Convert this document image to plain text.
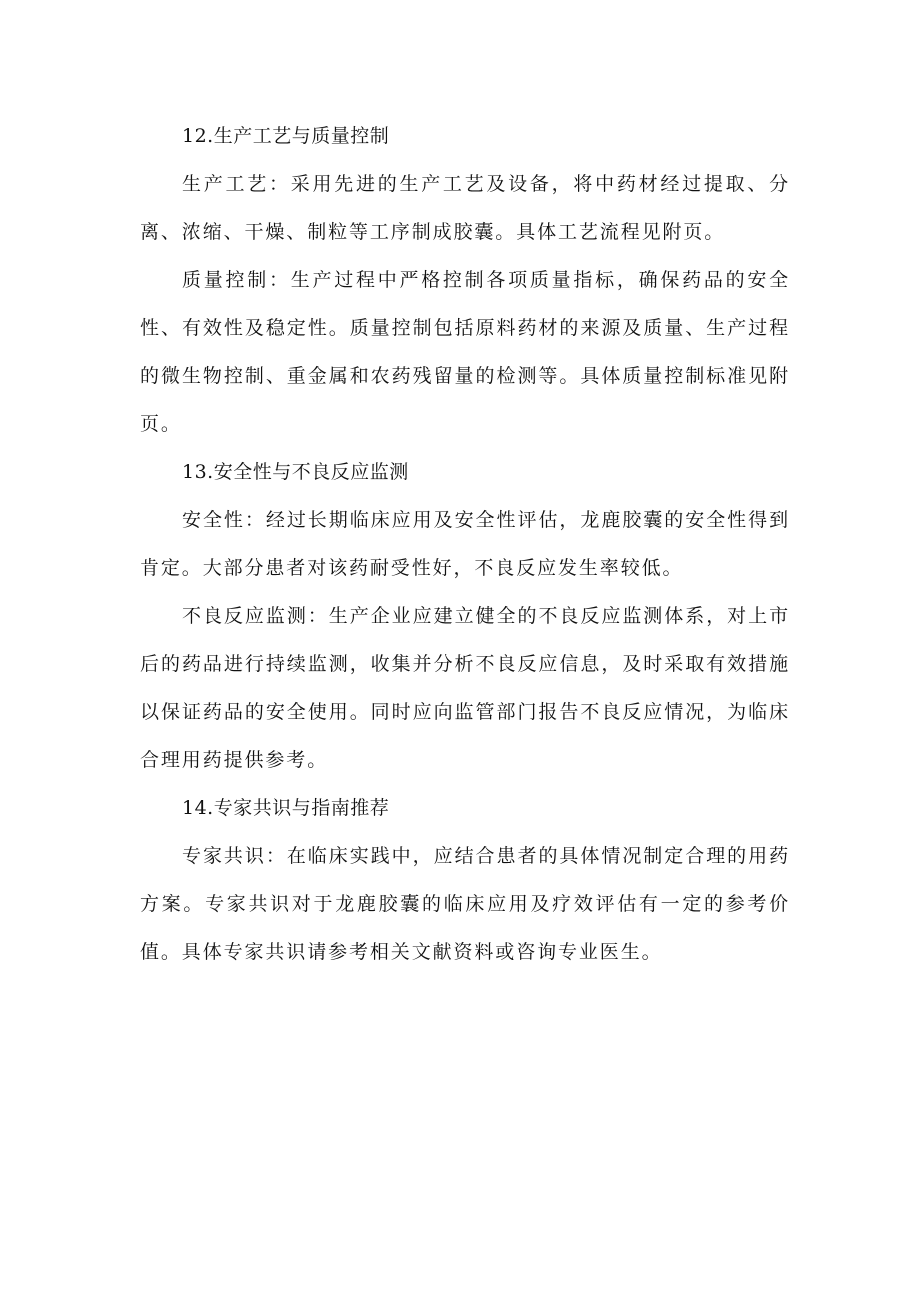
12.生产工艺与质量控制

生产工艺：采用先进的生产工艺及设备，将中药材经过提取、分离、浓缩、干燥、制粒等工序制成胶囊。具体工艺流程见附页。

质量控制：生产过程中严格控制各项质量指标，确保药品的安全性、有效性及稳定性。质量控制包括原料药材的来源及质量、生产过程的微生物控制、重金属和农药残留量的检测等。具体质量控制标准见附页。

13.安全性与不良反应监测

安全性：经过长期临床应用及安全性评估，龙鹿胶囊的安全性得到肯定。大部分患者对该药耐受性好，不良反应发生率较低。

不良反应监测：生产企业应建立健全的不良反应监测体系，对上市后的药品进行持续监测，收集并分析不良反应信息，及时采取有效措施以保证药品的安全使用。同时应向监管部门报告不良反应情况，为临床合理用药提供参考。

14.专家共识与指南推荐

专家共识：在临床实践中，应结合患者的具体情况制定合理的用药方案。专家共识对于龙鹿胶囊的临床应用及疗效评估有一定的参考价值。具体专家共识请参考相关文献资料或咨询专业医生。
